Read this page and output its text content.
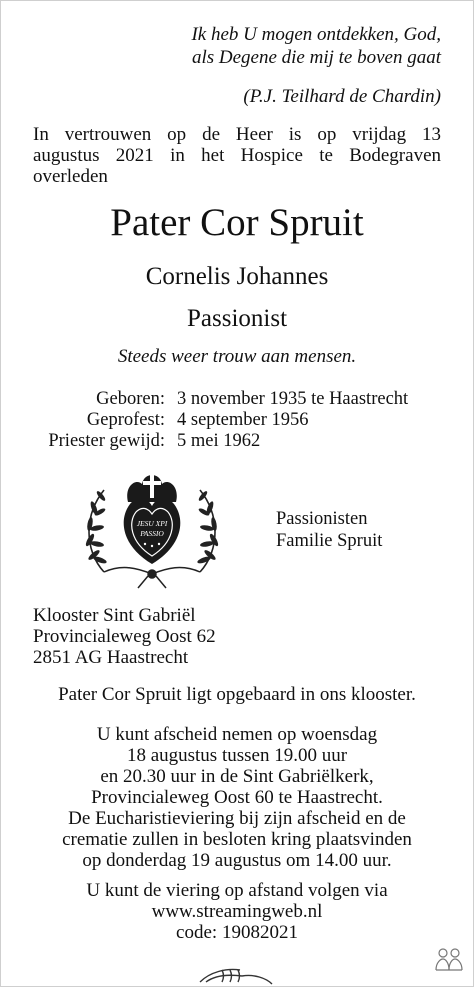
Ik heb U mogen ontdekken, God,
als Degene die mij te boven gaat
(P.J. Teilhard de Chardin)
In vertrouwen op de Heer is op vrijdag 13
augustus 2021 in het Hospice te Bodegraven
overleden
Pater Cor Spruit
Cornelis Johannes
Passionist
Steeds weer trouw aan mensen.
Geboren: 3 november 1935 te Haastrecht
Geprofest: 4 september 1956
Priester gewijd: 5 mei 1962
JESU XPI
PASSIO
Passionisten
Familie Spruit
Klooster Sint Gabriël
Provincialeweg Oost 62
2851 AG Haastrecht
Pater Cor Spruit ligt opgebaard in ons klooster.
U kunt afscheid nemen op woensdag
18 augustus tussen 19.00 uur
en 20.30 uur in de Sint Gabriëlkerk,
Provincialeweg Oost 60 te Haastrecht.
De Eucharistieviering bij zijn afscheid en de
crematie zullen in besloten kring plaatsvinden
op donderdag 19 augustus om 14.00 uur.
U kunt de viering op afstand volgen via
www.streamingweb.nl
code: 19082021
